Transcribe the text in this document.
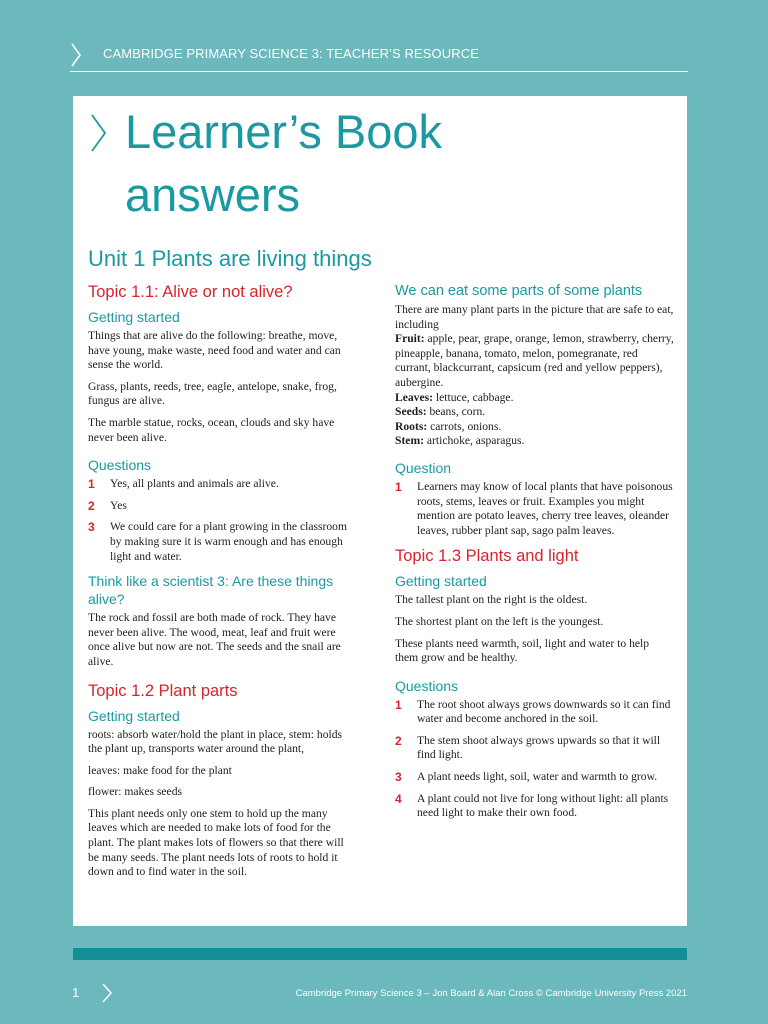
CAMBRIDGE PRIMARY SCIENCE 3: TEACHER’S RESOURCE
Learner’s Book
answers
Unit 1 Plants are living things
Topic 1.1: Alive or not alive?
Getting started

Things that are alive do the following: breathe, move, have young, make waste, need food and water and can sense the world.

Grass, plants, reeds, tree, eagle, antelope, snake, frog, fungus are alive.

The marble statue, rocks, ocean, clouds and sky have never been alive.

Questions
1	Yes, all plants and animals are alive.
2	Yes
3	We could care for a plant growing in the classroom by making sure it is warm enough and has enough light and water.
Think like a scientist 3: Are these things alive?

The rock and fossil are both made of rock. They have never been alive. The wood, meat, leaf and fruit were once alive but now are not. The seeds and the snail are alive.

Topic 1.2 Plant parts
Getting started

roots: absorb water/hold the plant in place, stem: holds the plant up, transports water around the plant,

leaves: make food for the plant

flower: makes seeds

This plant needs only one stem to hold up the many leaves which are needed to make lots of food for the plant. The plant makes lots of flowers so that there will be many seeds. The plant needs lots of roots to hold it down and to find water in the soil.

We can eat some parts of some plants

There are many plant parts in the picture that are safe to eat, including

Fruit: apple, pear, grape, orange, lemon, strawberry, cherry, pineapple, banana, tomato, melon, pomegranate, red currant, blackcurrant, capsicum (red and yellow peppers), aubergine.

Leaves: lettuce, cabbage.

Seeds: beans, corn.

Roots: carrots, onions.

Stem: artichoke, asparagus.

Question
1	Learners may know of local plants that have poisonous roots, stems, leaves or fruit. Examples you might mention are potato leaves, cherry tree leaves, oleander leaves, rubber plant sap, sago palm leaves.
Topic 1.3 Plants and light
Getting started

The tallest plant on the right is the oldest.

The shortest plant on the left is the youngest.

These plants need warmth, soil, light and water to help them grow and be healthy.

Questions
1	The root shoot always grows downwards so it can find water and become anchored in the soil.
2	The stem shoot always grows upwards so that it will find light.
3	A plant needs light, soil, water and warmth to grow.
4	A plant could not live for long without light: all plants need light to make their own food.
1	Cambridge Primary Science 3 – Jon Board & Alan Cross © Cambridge University Press 2021
